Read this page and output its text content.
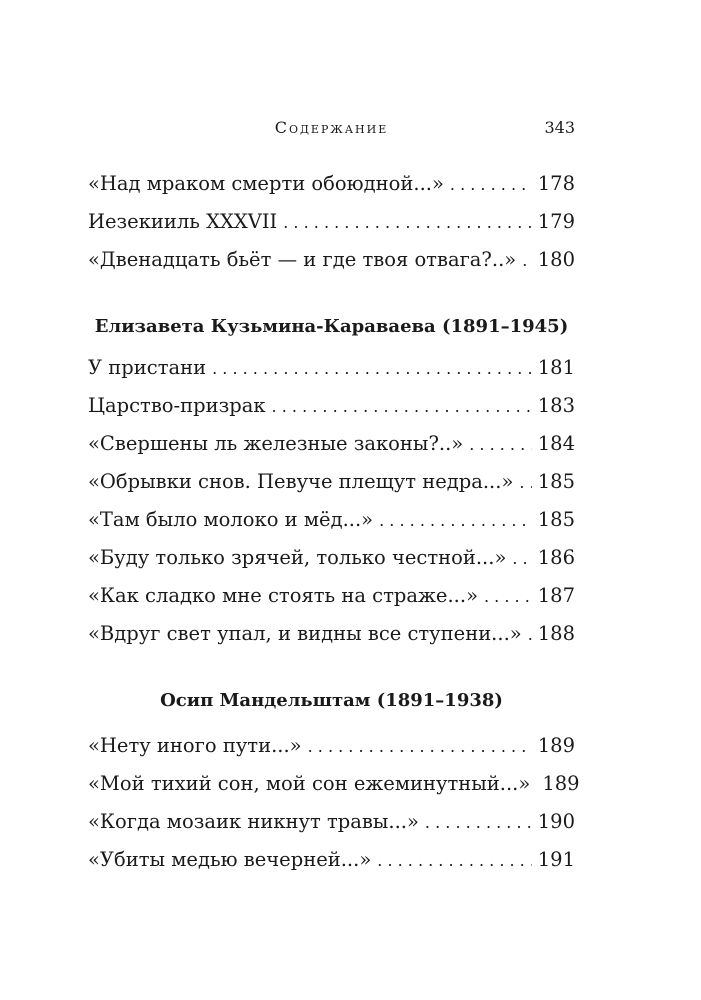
Содержание	343
«Над мраком смерти обоюдной...» . . .	178
Иезекииль XXXVII . . .	179
«Двенадцать бьёт — и где твоя отвага?..» . . . 180
Елизавета Кузьмина-Караваева (1891–1945)
У пристани . . .	181
Царство-призрак . . .	183
«Свершены ль железные законы?..» . . .	184
«Обрывки снов. Певуче плещут недра...» . . . 185
«Там было молоко и мёд...» . . .	185
«Буду только зрячей, только честной...» . . . 186
«Как сладко мне стоять на страже...» . . .	187
«Вдруг свет упал, и видны все ступени...» . . . 188
Осип Мандельштам (1891–1938)
«Нету иного пути...» . . .	189
«Мой тихий сон, мой сон ежеминутный...» 189
«Когда мозаик никнут травы...» . . .	190
«Убиты медью вечерней...» . . .	191
